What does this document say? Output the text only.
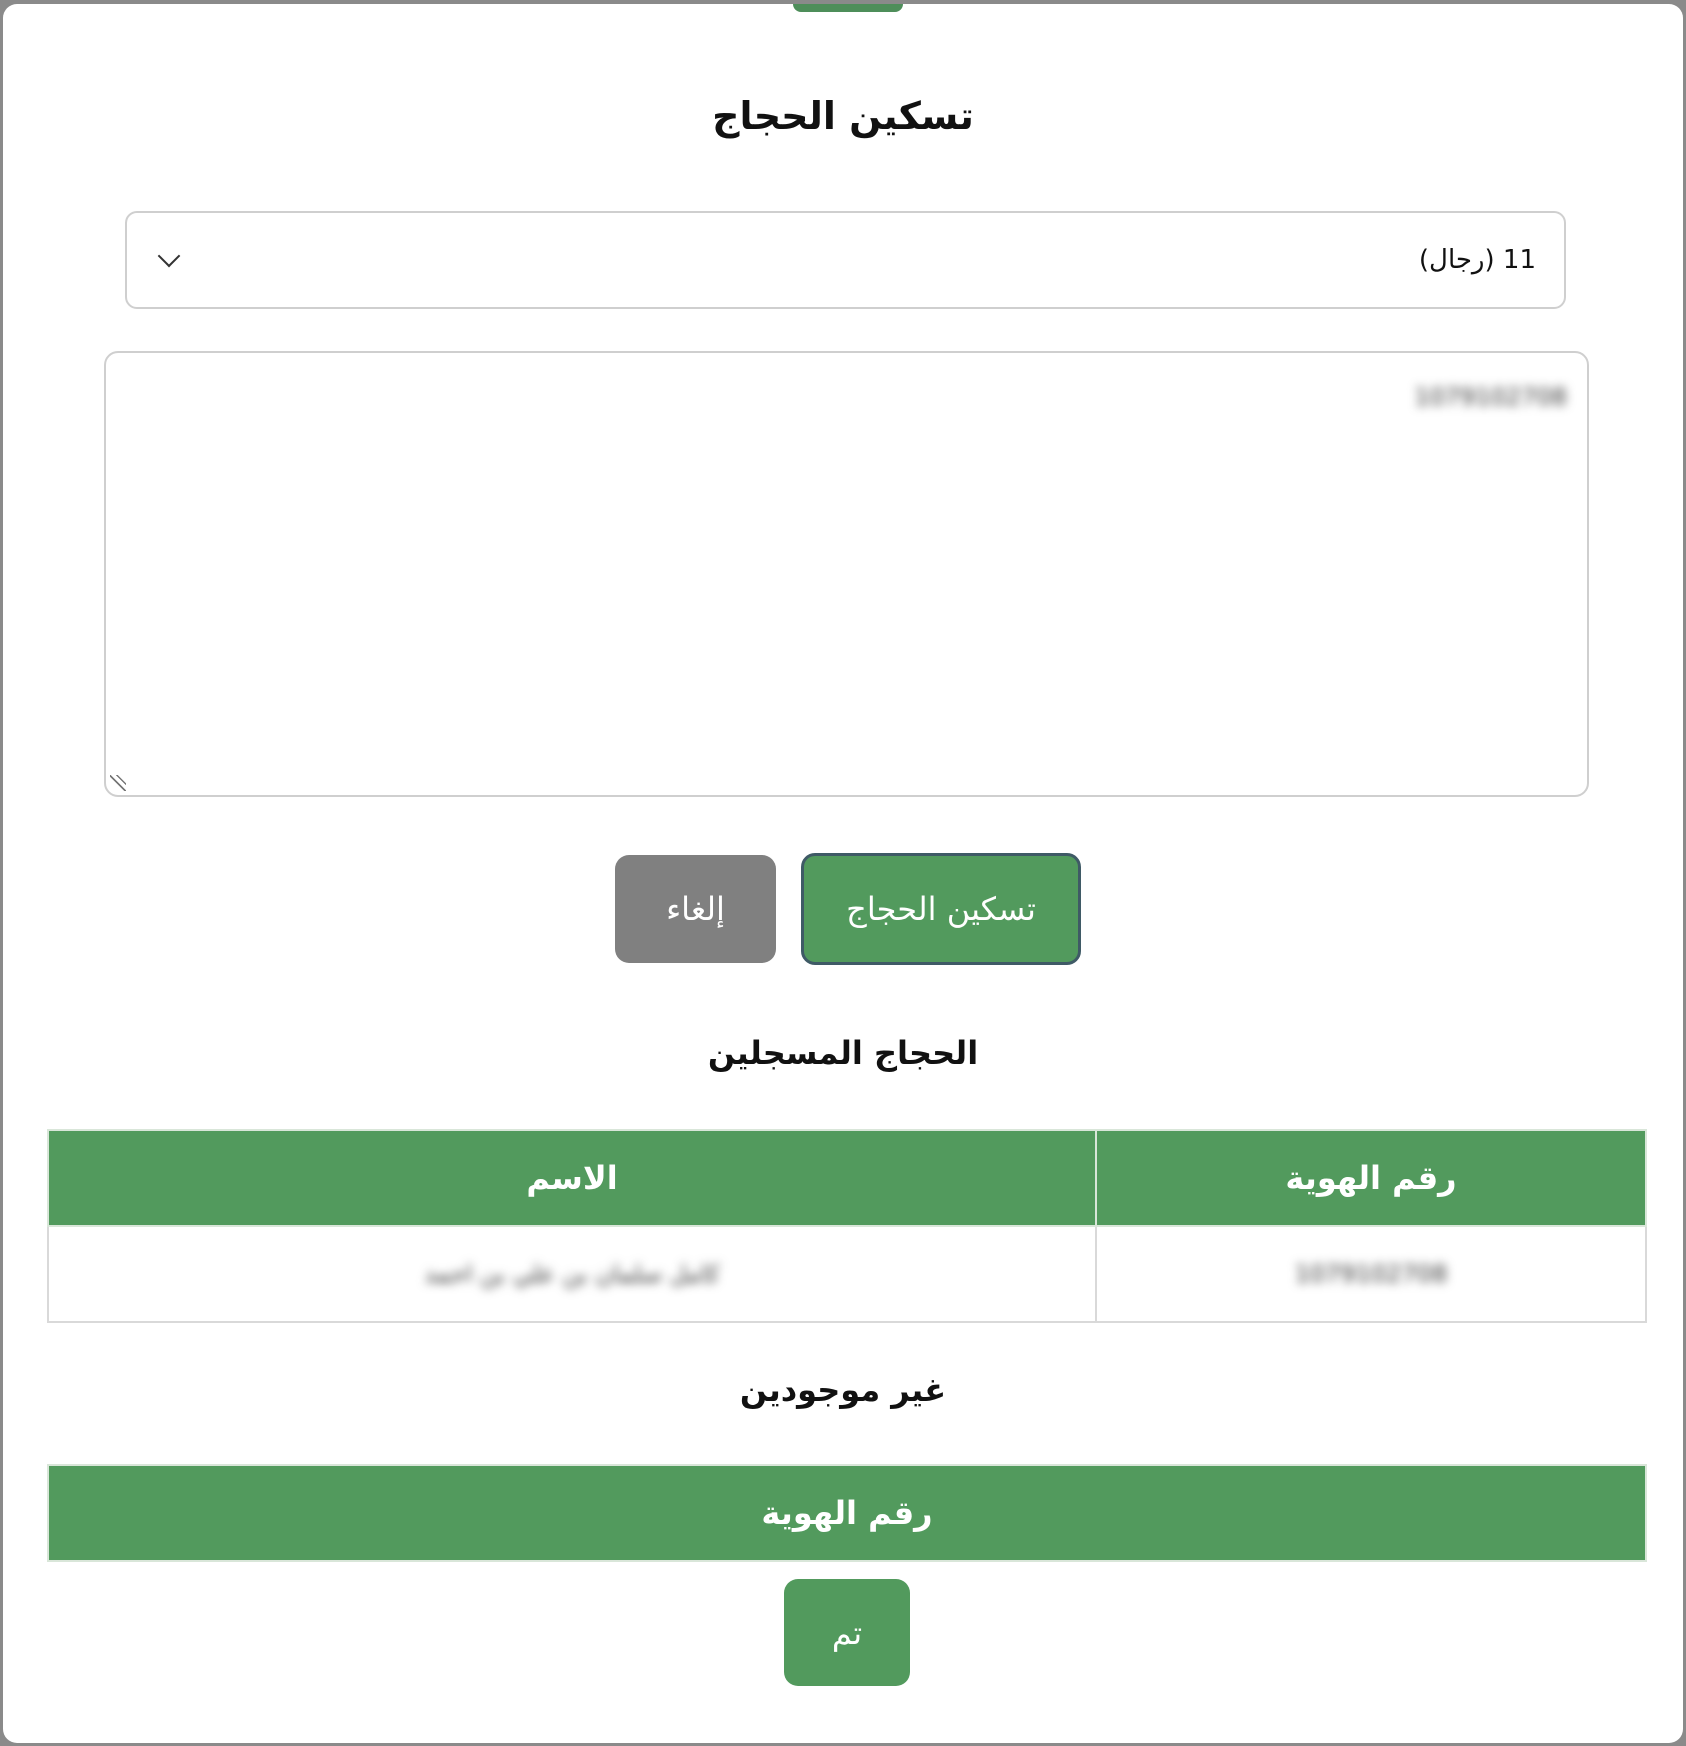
تسكين الحجاج
11 (رجال)
1079102708
تسكين الحجاج
إلغاء
الحجاج المسجلين
رقم الهوية	الاسم
1079102708	كامل سلمان بن علي بن احمد
غير موجودين
رقم الهوية
تم
